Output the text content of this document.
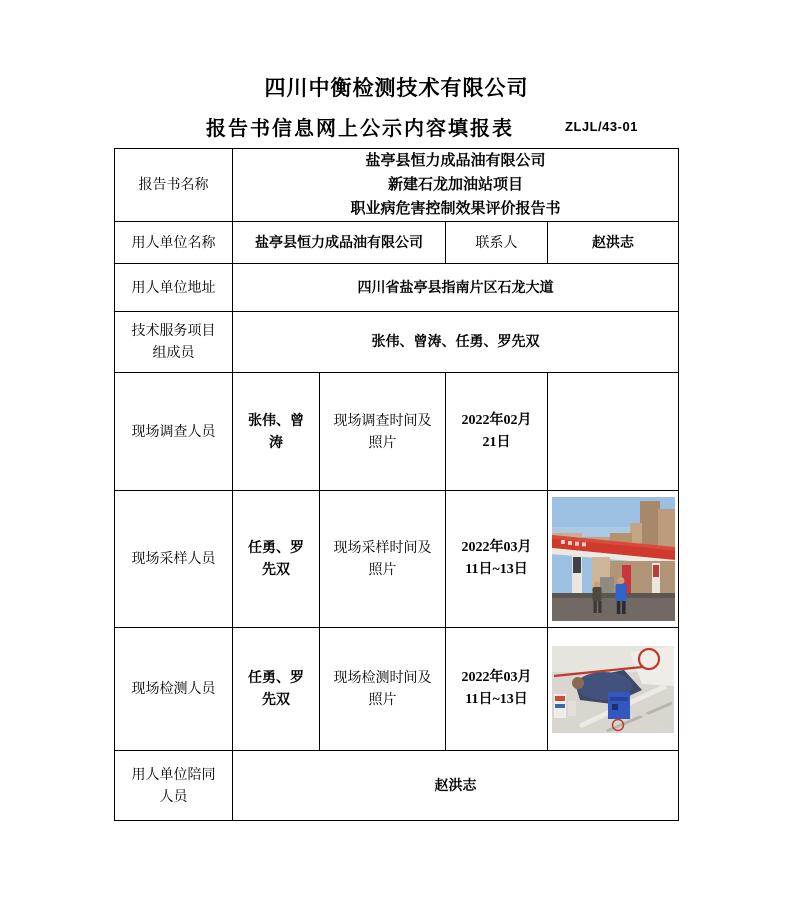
四川中衡检测技术有限公司
报告书信息网上公示内容填报表	ZLJL/43-01
报告书名称	盐亭县恒力成品油有限公司
新建石龙加油站项目
职业病危害控制效果评价报告书			

用人单位名称	盐亭县恒力成品油有限公司		联系人	赵洪志
用人单位地址	四川省盐亭县指南片区石龙大道			
技术服务项目组成员	张伟、曾涛、任勇、罗先双			
现场调查人员	张伟、曾涛	现场调查时间及照片	2022年02月
21日	

现场采样人员	任勇、罗先双	现场采样时间及照片	2022年03月
11日~13日

现场检测人员	任勇、罗先双	现场检测时间及照片	2022年03月
11日~13日

用人单位陪同人员	赵洪志			
